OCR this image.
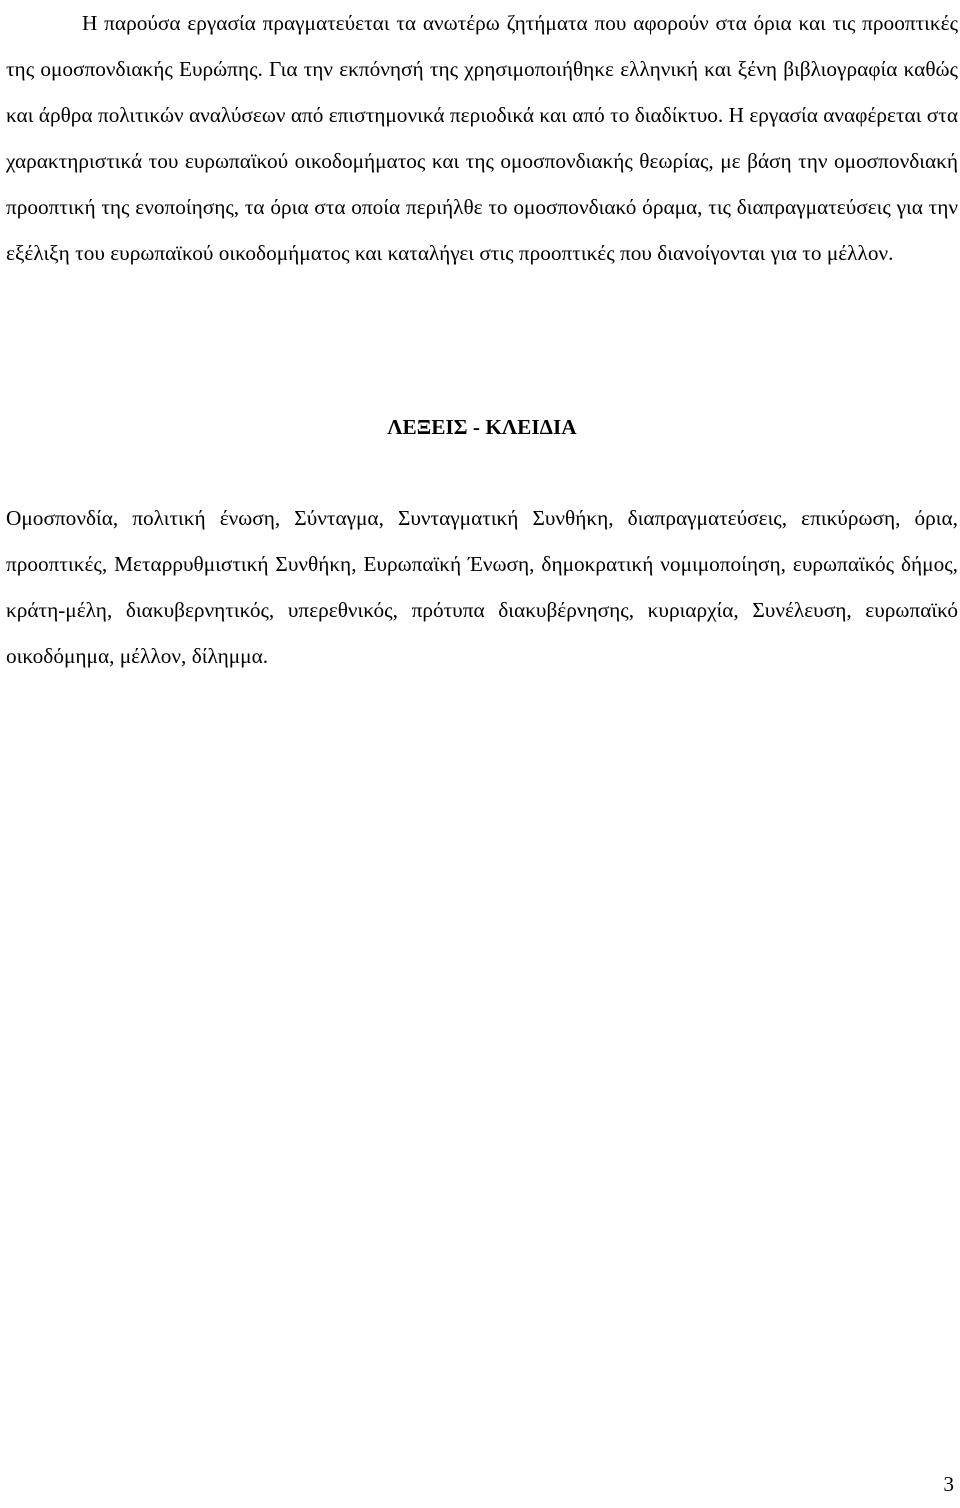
Η παρούσα εργασία πραγματεύεται τα ανωτέρω ζητήματα που αφορούν στα όρια και τις προοπτικές της ομοσπονδιακής Ευρώπης. Για την εκπόνησή της χρησιμοποιήθηκε ελληνική και ξένη βιβλιογραφία καθώς και άρθρα πολιτικών αναλύσεων από επιστημονικά περιοδικά και από το διαδίκτυο. Η εργασία αναφέρεται στα χαρακτηριστικά του ευρωπαϊκού οικοδομήματος και της ομοσπονδιακής θεωρίας, με βάση την ομοσπονδιακή προοπτική της ενοποίησης, τα όρια στα οποία περιήλθε το ομοσπονδιακό όραμα, τις διαπραγματεύσεις για την εξέλιξη του ευρωπαϊκού οικοδομήματος και καταλήγει στις προοπτικές που διανοίγονται για το μέλλον.

ΛΕΞΕΙΣ - ΚΛΕΙΔΙΑ

Ομοσπονδία, πολιτική ένωση, Σύνταγμα, Συνταγματική Συνθήκη, διαπραγματεύσεις, επικύρωση, όρια, προοπτικές, Μεταρρυθμιστική Συνθήκη, Ευρωπαϊκή Ένωση, δημοκρατική νομιμοποίηση, ευρωπαϊκός δήμος, κράτη-μέλη, διακυβερνητικός, υπερεθνικός, πρότυπα διακυβέρνησης, κυριαρχία, Συνέλευση, ευρωπαϊκό οικοδόμημα, μέλλον, δίλημμα.

3
